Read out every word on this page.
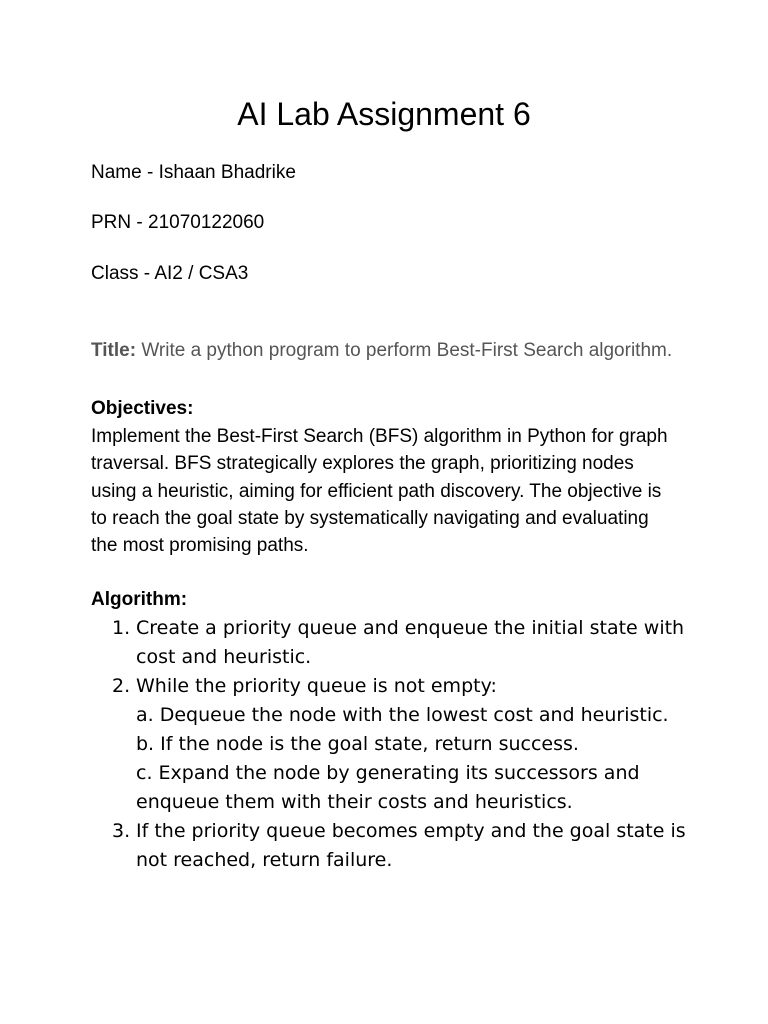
AI Lab Assignment 6
Name - Ishaan Bhadrike
PRN - 21070122060
Class - AI2 / CSA3
Title: Write a python program to perform Best-First Search algorithm.
Objectives:
Implement the Best-First Search (BFS) algorithm in Python for graph traversal. BFS strategically explores the graph, prioritizing nodes using a heuristic, aiming for efficient path discovery. The objective is to reach the goal state by systematically navigating and evaluating the most promising paths.
Algorithm:
1. Create a priority queue and enqueue the initial state with cost and heuristic.
2. While the priority queue is not empty:
a. Dequeue the node with the lowest cost and heuristic.
b. If the node is the goal state, return success.
c. Expand the node by generating its successors and enqueue them with their costs and heuristics.
3. If the priority queue becomes empty and the goal state is not reached, return failure.
